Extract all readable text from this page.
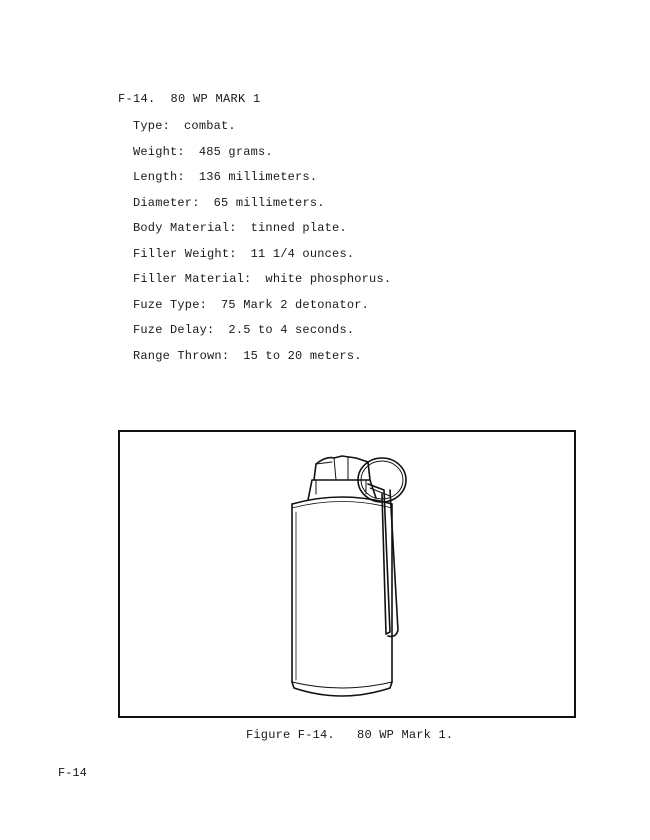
F-14. 80 WP MARK 1
Type: combat.
Weight: 485 grams.
Length: 136 millimeters.
Diameter: 65 millimeters.
Body Material: tinned plate.
Filler Weight: 11 1/4 ounces.
Filler Material: white phosphorus.
Fuze Type: 75 Mark 2 detonator.
Fuze Delay: 2.5 to 4 seconds.
Range Thrown: 15 to 20 meters.
Figure F-14. 80 WP Mark 1.
F-14
